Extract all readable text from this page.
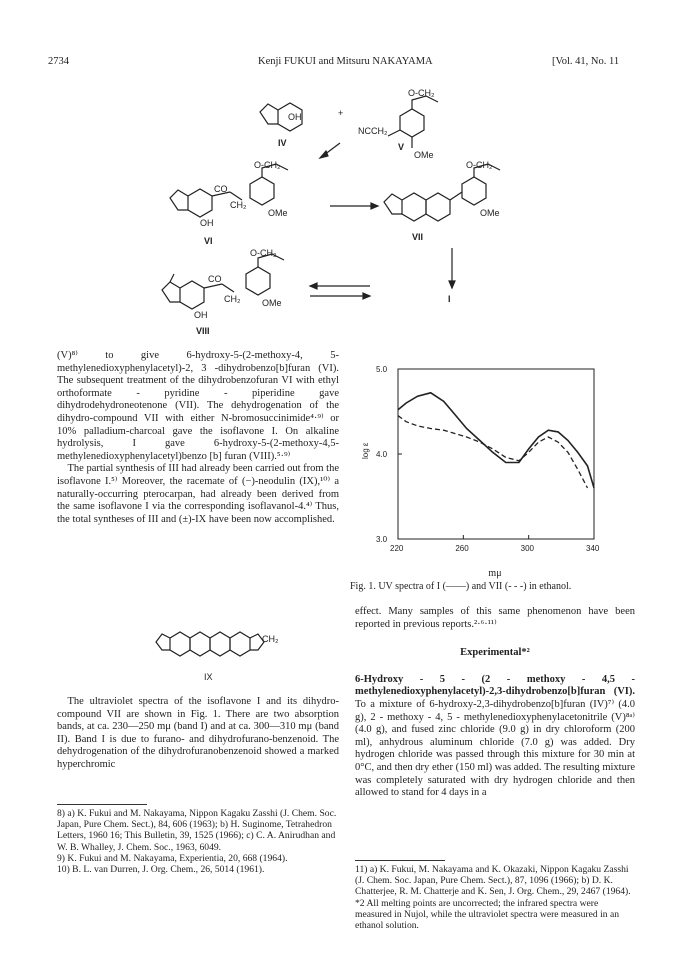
2734	Kenji FUKUI and Mitsuru NAKAYAMA	[Vol. 41, No. 11
OH
NCCH₂
OMe
O-CH₂
+
IV	V
CO
CH₂
OH
OMe
O-CH₂
VI
OMe
O-CH₂
VII
CO
CH₂ OMe
OH
O-CH₂
VIII
I

(V)⁸⁾ to give 6-hydroxy-5-(2-methoxy-4, 5-methylenedioxyphenylacetyl)-2, 3 -dihydrobenzo[b]furan (VI). The subsequent treatment of the dihydrobenzofuran VI with ethyl orthoformate - pyridine - piperidine gave dihydrodehydroneotenone (VII). The dehydrogenation of the dihydro-compound VII with either N-bromosuccinimide⁴·⁹⁾ or 10% palladium-charcoal gave the isoflavone I. On alkaline hydrolysis, I gave 6-hydroxy-5-(2-methoxy-4,5-methylenedioxyphenylacetyl)benzo [b] furan (VIII).⁵·⁹⁾

The partial synthesis of III had already been carried out from the isoflavone I.⁵⁾ Moreover, the racemate of (−)-neodulin (IX),¹⁰⁾ a naturally-occurring pterocarpan, had already been derived from the same isoflavone I via the corresponding isoflavanol-4.⁴⁾ Thus, the total syntheses of III and (±)-IX have been now accomplished.

CH₂
IX

The ultraviolet spectra of the isoflavone I and its dihydro-compound VII are shown in Fig. 1. There are two absorption bands, at ca. 230—250 mμ (band I) and at ca. 300—310 mμ (band II). Band I is due to furano- and dihydrofurano-benzenoid. The dehydrogenation of the dihydrofuranobenzenoid showed a marked hyperchromic

8) a) K. Fukui and M. Nakayama, Nippon Kagaku Zasshi (J. Chem. Soc. Japan, Pure Chem. Sect.), 84, 606 (1963); b) H. Suginome, Tetrahedron Letters, 1960 16; This Bulletin, 39, 1525 (1966); c) C. A. Anirudhan and W. B. Whalley, J. Chem. Soc., 1963, 6049.

9) K. Fukui and M. Nakayama, Experientia, 20, 668 (1964).

10) B. L. van Durren, J. Org. Chem., 26, 5014 (1961).

log ε
220	260	300	340
3.0
4.0
5.0
mμ
Fig. 1. UV spectra of I (——) and VII (- - -) in ethanol.

effect. Many samples of this same phenomenon have been reported in previous reports.²·⁶·¹¹⁾

Experimental*²

6-Hydroxy - 5 - (2 - methoxy - 4,5 - methylenedioxyphenylacetyl)-2,3-dihydrobenzo[b]furan (VI). To a mixture of 6-hydroxy-2,3-dihydrobenzo[b]furan (IV)⁷⁾ (4.0 g), 2 - methoxy - 4, 5 - methylenedioxyphenylacetonitrile (V)⁸ᵃ⁾ (4.0 g), and fused zinc chloride (9.0 g) in dry chloroform (200 ml), anhydrous aluminum chloride (7.0 g) was added. Dry hydrogen chloride was passed through this mixture for 30 min at 0°C, and then dry ether (150 ml) was added. The resulting mixture was completely saturated with dry hydrogen chloride and then allowed to stand for 4 days in a

11) a) K. Fukui, M. Nakayama and K. Okazaki, Nippon Kagaku Zasshi (J. Chem. Soc. Japan, Pure Chem. Sect.), 87, 1096 (1966); b) D. K. Chatterjee, R. M. Chatterje and K. Sen, J. Org. Chem., 29, 2467 (1964).

*2 All melting points are uncorrected; the infrared spectra were measured in Nujol, while the ultraviolet spectra were measured in an ethanol solution.
